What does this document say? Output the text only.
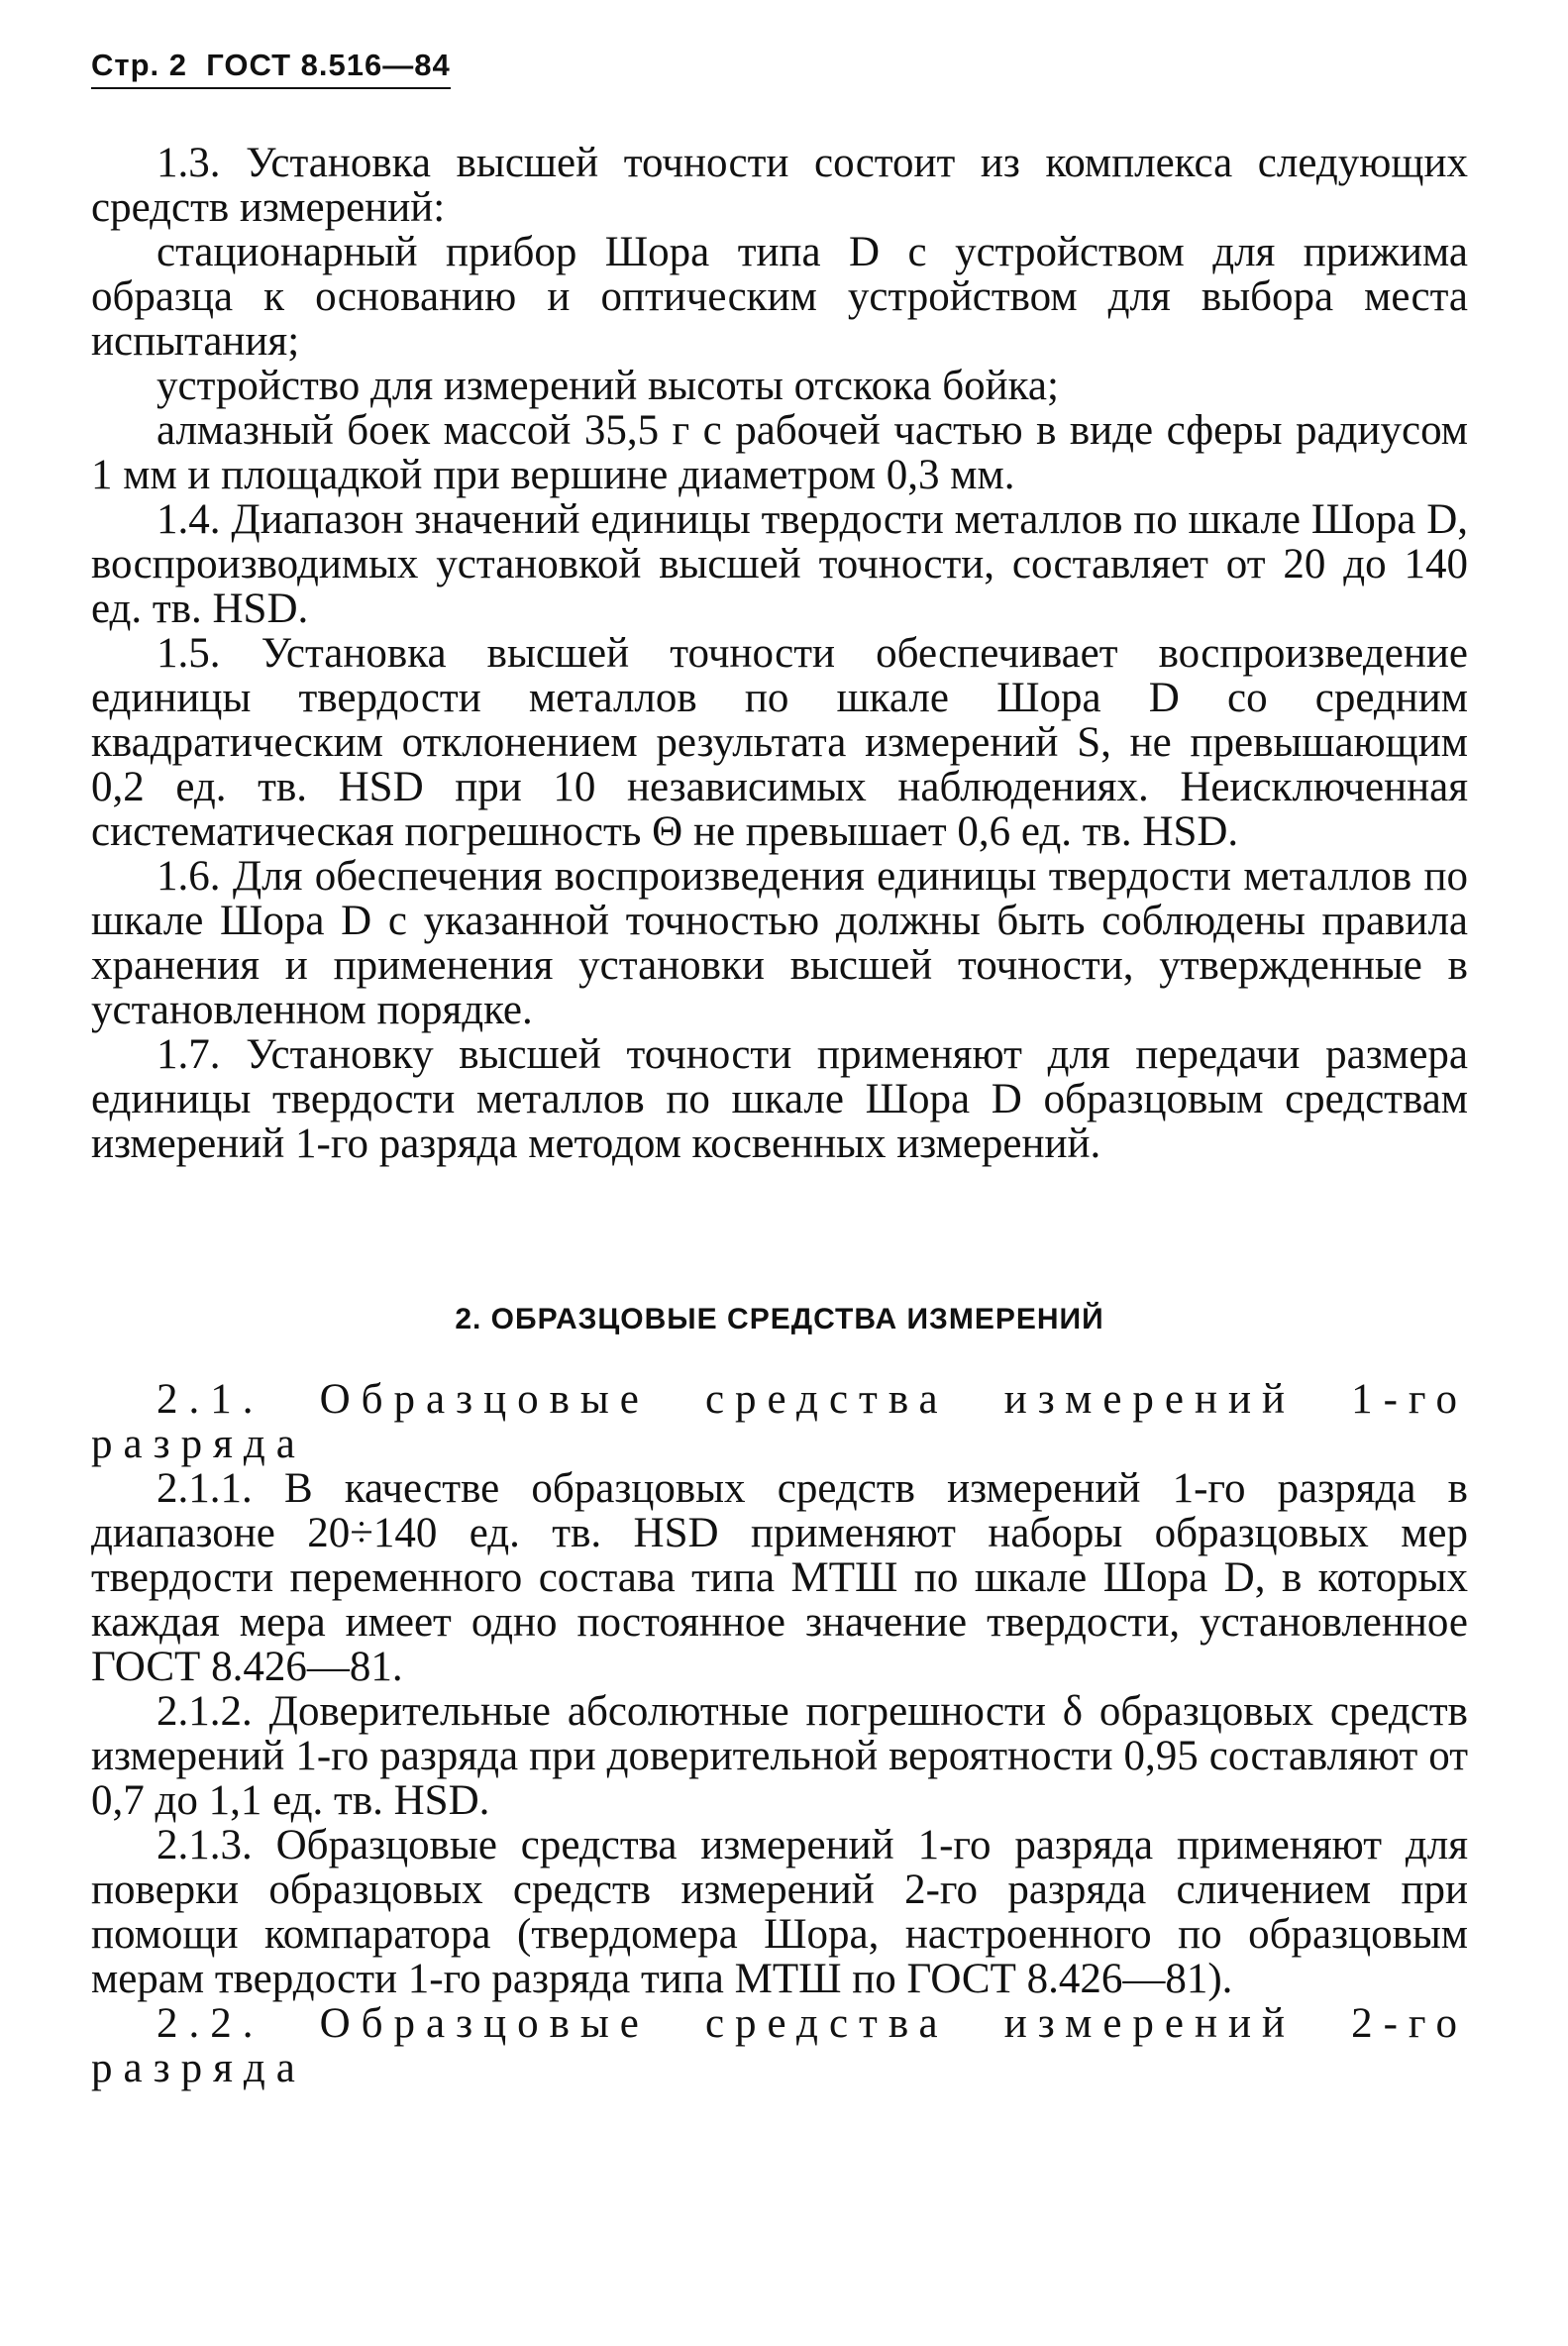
Стр. 2 ГОСТ 8.516—84

1.3. Установка высшей точности состоит из комплекса следующих средств измерений:

стационарный прибор Шора типа D с устройством для прижима образца к основанию и оптическим устройством для выбора места испытания;

устройство для измерений высоты отскока бойка;

алмазный боек массой 35,5 г с рабочей частью в виде сферы радиусом 1 мм и площадкой при вершине диаметром 0,3 мм.

1.4. Диапазон значений единицы твердости металлов по шкале Шора D, воспроизводимых установкой высшей точности, составляет от 20 до 140 ед. тв. HSD.

1.5. Установка высшей точности обеспечивает воспроизведение единицы твердости металлов по шкале Шора D со средним квадратическим отклонением результата измерений S, не превышающим 0,2 ед. тв. HSD при 10 независимых наблюдениях. Неисключенная систематическая погрешность Θ не превышает 0,6 ед. тв. HSD.

1.6. Для обеспечения воспроизведения единицы твердости металлов по шкале Шора D с указанной точностью должны быть соблюдены правила хранения и применения установки высшей точности, утвержденные в установленном порядке.

1.7. Установку высшей точности применяют для передачи размера единицы твердости металлов по шкале Шора D образцовым средствам измерений 1-го разряда методом косвенных измерений.

2. ОБРАЗЦОВЫЕ СРЕДСТВА ИЗМЕРЕНИЙ

2.1. Образцовые средства измерений 1-го разряда

2.1.1. В качестве образцовых средств измерений 1-го разряда в диапазоне 20÷140 ед. тв. HSD применяют наборы образцовых мер твердости переменного состава типа МТШ по шкале Шора D, в которых каждая мера имеет одно постоянное значение твердости, установленное ГОСТ 8.426—81.

2.1.2. Доверительные абсолютные погрешности δ образцовых средств измерений 1-го разряда при доверительной вероятности 0,95 составляют от 0,7 до 1,1 ед. тв. HSD.

2.1.3. Образцовые средства измерений 1-го разряда применяют для поверки образцовых средств измерений 2-го разряда сличением при помощи компаратора (твердомера Шора, настроенного по образцовым мерам твердости 1-го разряда типа МТШ по ГОСТ 8.426—81).

2.2. Образцовые средства измерений 2-го разряда
